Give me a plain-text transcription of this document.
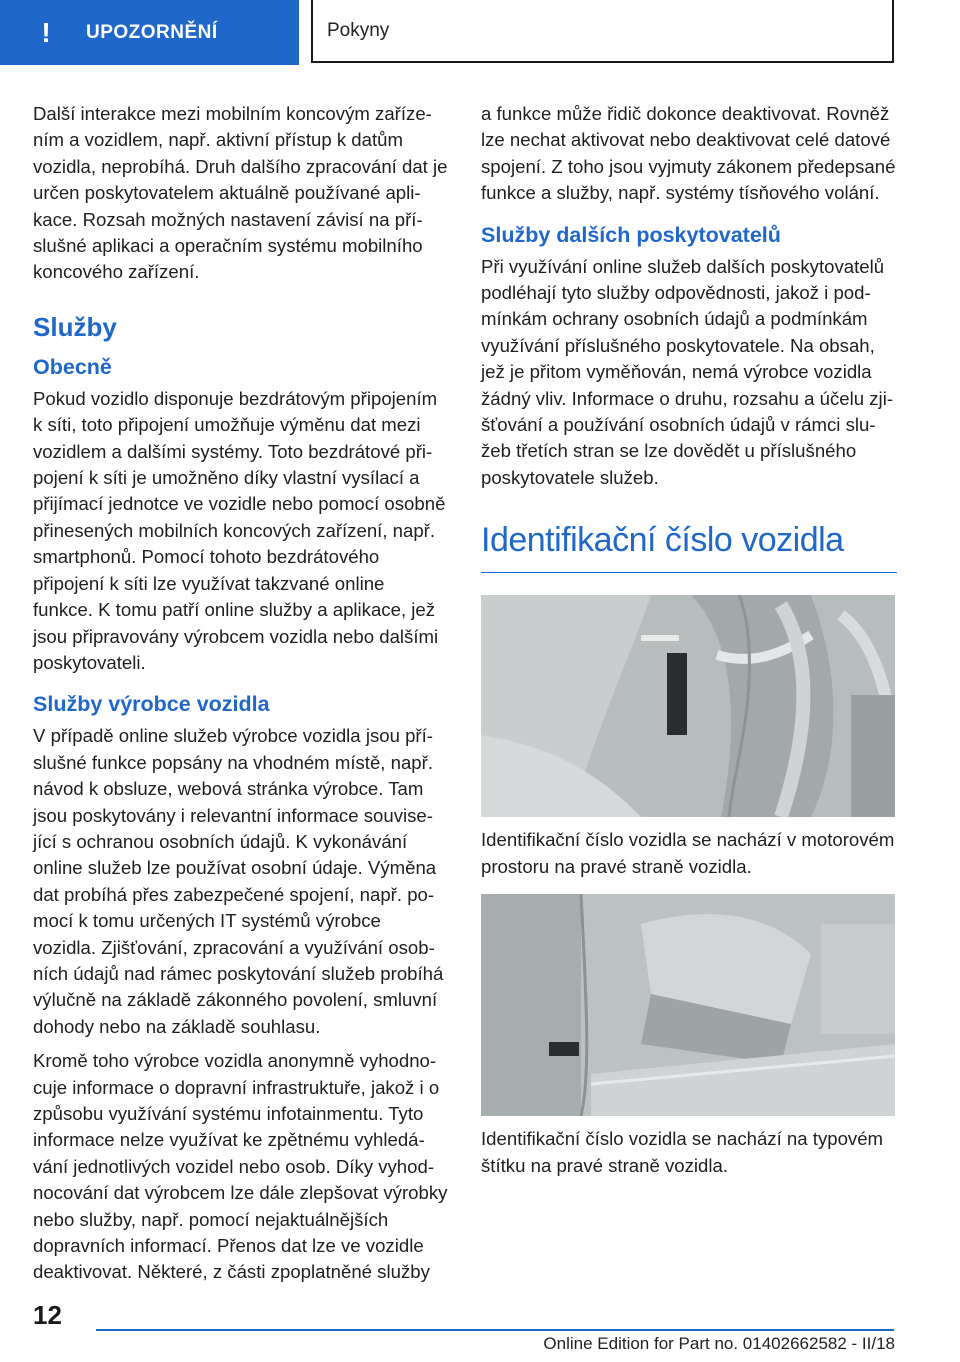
! UPOZORNĚNÍ	Pokyny

Další interakce mezi mobilním koncovým zařízením a vozidlem, např. aktivní přístup k datům vozidla, neprobíhá. Druh dalšího zpracování dat je určen poskytovatelem aktuálně používané aplikace. Rozsah možných nastavení závisí na příslušné aplikaci a operačním systému mobilního koncového zařízení.

Služby
Obecně

Pokud vozidlo disponuje bezdrátovým připojením k síti, toto připojení umožňuje výměnu dat mezi vozidlem a dalšími systémy. Toto bezdrátové připojení k síti je umožněno díky vlastní vysílací a přijímací jednotce ve vozidle nebo pomocí osobně přinesených mobilních koncových zařízení, např. smartphonů. Pomocí tohoto bezdrátového připojení k síti lze využívat takzvané online funkce. K tomu patří online služby a aplikace, jež jsou připravovány výrobcem vozidla nebo dalšími poskytovateli.

Služby výrobce vozidla

V případě online služeb výrobce vozidla jsou příslušné funkce popsány na vhodném místě, např. návod k obsluze, webová stránka výrobce. Tam jsou poskytovány i relevantní informace související s ochranou osobních údajů. K vykonávání online služeb lze používat osobní údaje. Výměna dat probíhá přes zabezpečené spojení, např. pomocí k tomu určených IT systémů výrobce vozidla. Zjišťování, zpracování a využívání osobních údajů nad rámec poskytování služeb probíhá výlučně na základě zákonného povolení, smluvní dohody nebo na základě souhlasu.

Kromě toho výrobce vozidla anonymně vyhodnocuje informace o dopravní infrastruktuře, jakož i o způsobu využívání systému infotainmentu. Tyto informace nelze využívat ke zpětnému vyhledávání jednotlivých vozidel nebo osob. Díky vyhodnocování dat výrobcem lze dále zlepšovat výrobky nebo služby, např. pomocí nejaktuálnějších dopravních informací. Přenos dat lze ve vozidle deaktivovat. Některé, z části zpoplatněné služby

a funkce může řidič dokonce deaktivovat. Rovněž lze nechat aktivovat nebo deaktivovat celé datové spojení. Z toho jsou vyjmuty zákonem předepsané funkce a služby, např. systémy tísňového volání.

Služby dalších poskytovatelů

Při využívání online služeb dalších poskytovatelů podléhají tyto služby odpovědnosti, jakož i podmínkám ochrany osobních údajů a podmínkám využívání příslušného poskytovatele. Na obsah, jež je přitom vyměňován, nemá výrobce vozidla žádný vliv. Informace o druhu, rozsahu a účelu zjišťování a používání osobních údajů v rámci služeb třetích stran se lze dovědět u příslušného poskytovatele služeb.

Identifikační číslo vozidla

Identifikační číslo vozidla se nachází v motorovém prostoru na pravé straně vozidla.

Identifikační číslo vozidla se nachází na typovém štítku na pravé straně vozidla.

12
Online Edition for Part no. 01402662582 - II/18
